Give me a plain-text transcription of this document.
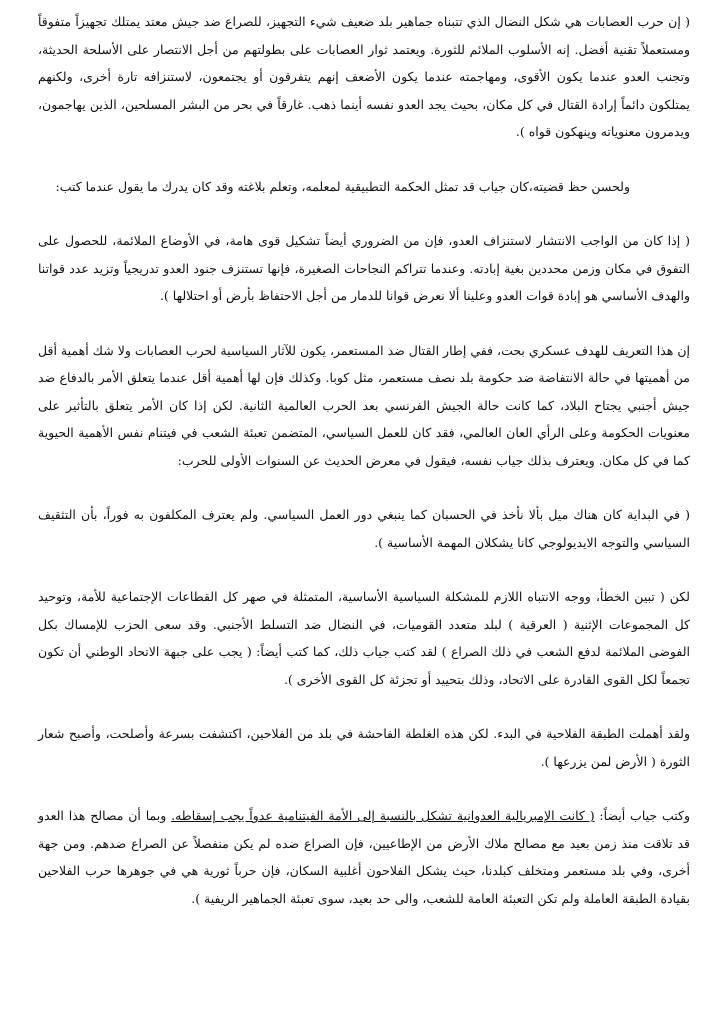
( إن حرب العصابات هي شكل النضال الذي تتبناه جماهير بلد ضعيف شيء التجهيز، للصراع ضد جيش معتد يمتلك تجهيزاً متفوقاً ومستعملاً تقنية أفضل. إنه الأسلوب الملائم للثورة. ويعتمد ثوار العصابات على بطولتهم من أجل الانتصار على الأسلحة الحديثة، وتجنب العدو عندما يكون الأقوى، ومهاجمته عندما يكون الأضعف إنهم يتفرقون أو يجتمعون، لاستنزافه تارة أخرى، ولكنهم يمتلكون دائماً إرادة القتال في كل مكان، بحيث يجد العدو نفسه أينما ذهب. غارقاً في بحر من البشر المسلحين، الذين يهاجمون، ويدمرون معنوياته وينهكون قواه ).

ولحسن حظ قضيته،كان جياب قد تمثل الحكمة التطبيقية لمعلمه، وتعلم بلاغته وقد كان يدرك ما يقول عندما كتب:

( إذا كان من الواجب الانتشار لاستنزاف العدو، فإن من الضروري أيضاً تشكيل قوى هامة، في الأوضاع الملائمة، للحصول على التفوق في مكان وزمن محددين بغية إبادته. وعندما تتراكم النجاحات الصغيرة، فإنها تستنزف جنود العدو تدريجياً وتزيد عدد قواتنا والهدف الأساسي هو إبادة قوات العدو وعلينا ألا نعرض قوانا للدمار من أجل الاحتفاظ بأرض أو احتلالها ).

إن هذا التعريف للهدف عسكري بحت، ففي إطار القتال ضد المستعمر، يكون للآثار السياسية لحرب العصابات ولا شك أهمية أقل من أهميتها في حالة الانتفاضة ضد حكومة بلد نصف مستعمر، مثل كوبا. وكذلك فإن لها أهمية أقل عندما يتعلق الأمر بالدفاع ضد جيش أجنبي يجتاح البلاد، كما كانت حالة الجيش الفرنسي بعد الحرب العالمية الثانية. لكن إذا كان الأمر يتعلق بالتأثير على معنويات الحكومة وعلى الرأي العان العالمي، فقد كان للعمل السياسي، المتضمن تعبئة الشعب في فيتنام نفس الأهمية الحيوية كما في كل مكان. ويعترف بذلك جياب نفسه، فيقول في معرض الحديث عن السنوات الأولى للحرب:

( في البداية كان هناك ميل بألا نأخذ في الحسبان كما ينبغي دور العمل السياسي. ولم يعترف المكلفون به فوراً، بأن التثقيف السياسي والتوجه الايديولوجي كانا يشكلان المهمة الأساسية ).

لكن ( تبين الخطأ، ووجه الانتباه اللازم للمشكلة السياسية الأساسية، المتمثلة في صهر كل القطاعات الإجتماعية للأمة، وتوحيد كل المجموعات الإثنية ( العرقية ) لبلد متعدد القوميات، في النضال ضد التسلط الأجنبي. وقد سعى الحزب للإمساك بكل الفوضى الملائمة لدفع الشعب في ذلك الصراع ) لقد كتب جياب ذلك، كما كتب أيضاً: ( يجب على جبهة الاتحاد الوطني أن تكون تجمعاً لكل القوى القادرة على الاتحاد، وذلك بتحييد أو تجزئة كل القوى الأخرى ).

ولقد أهملت الطبقة الفلاحية في البدء. لكن هذه الغلطة الفاحشة في بلد من الفلاحين، اكتشفت بسرعة وأصلحت، وأصبح شعار الثورة ( الأرض لمن يزرعها ).

وكتب جياب أيضاً: ( كانت الإمبريالية العدوانية تشكل بالنسبة إلى الأمة الفيتنامية عدواً يجب إسقاطه. وبما أن مصالح هذا العدو قد تلاقت منذ زمن بعيد مع مصالح ملاك الأرض من الإطاعيين، فإن الصراع ضده لم يكن منفصلاً عن الصراع ضدهم. ومن جهة أخرى، وفي بلد مستعمر ومتخلف كبلدنا، حيث يشكل الفلاحون أغلبية السكان، فإن حرباً ثورية هي في جوهرها حرب الفلاحين بقيادة الطبقة العاملة ولم تكن التعبئة العامة للشعب، والى حد بعيد، سوى تعبئة الجماهير الريفية ).
